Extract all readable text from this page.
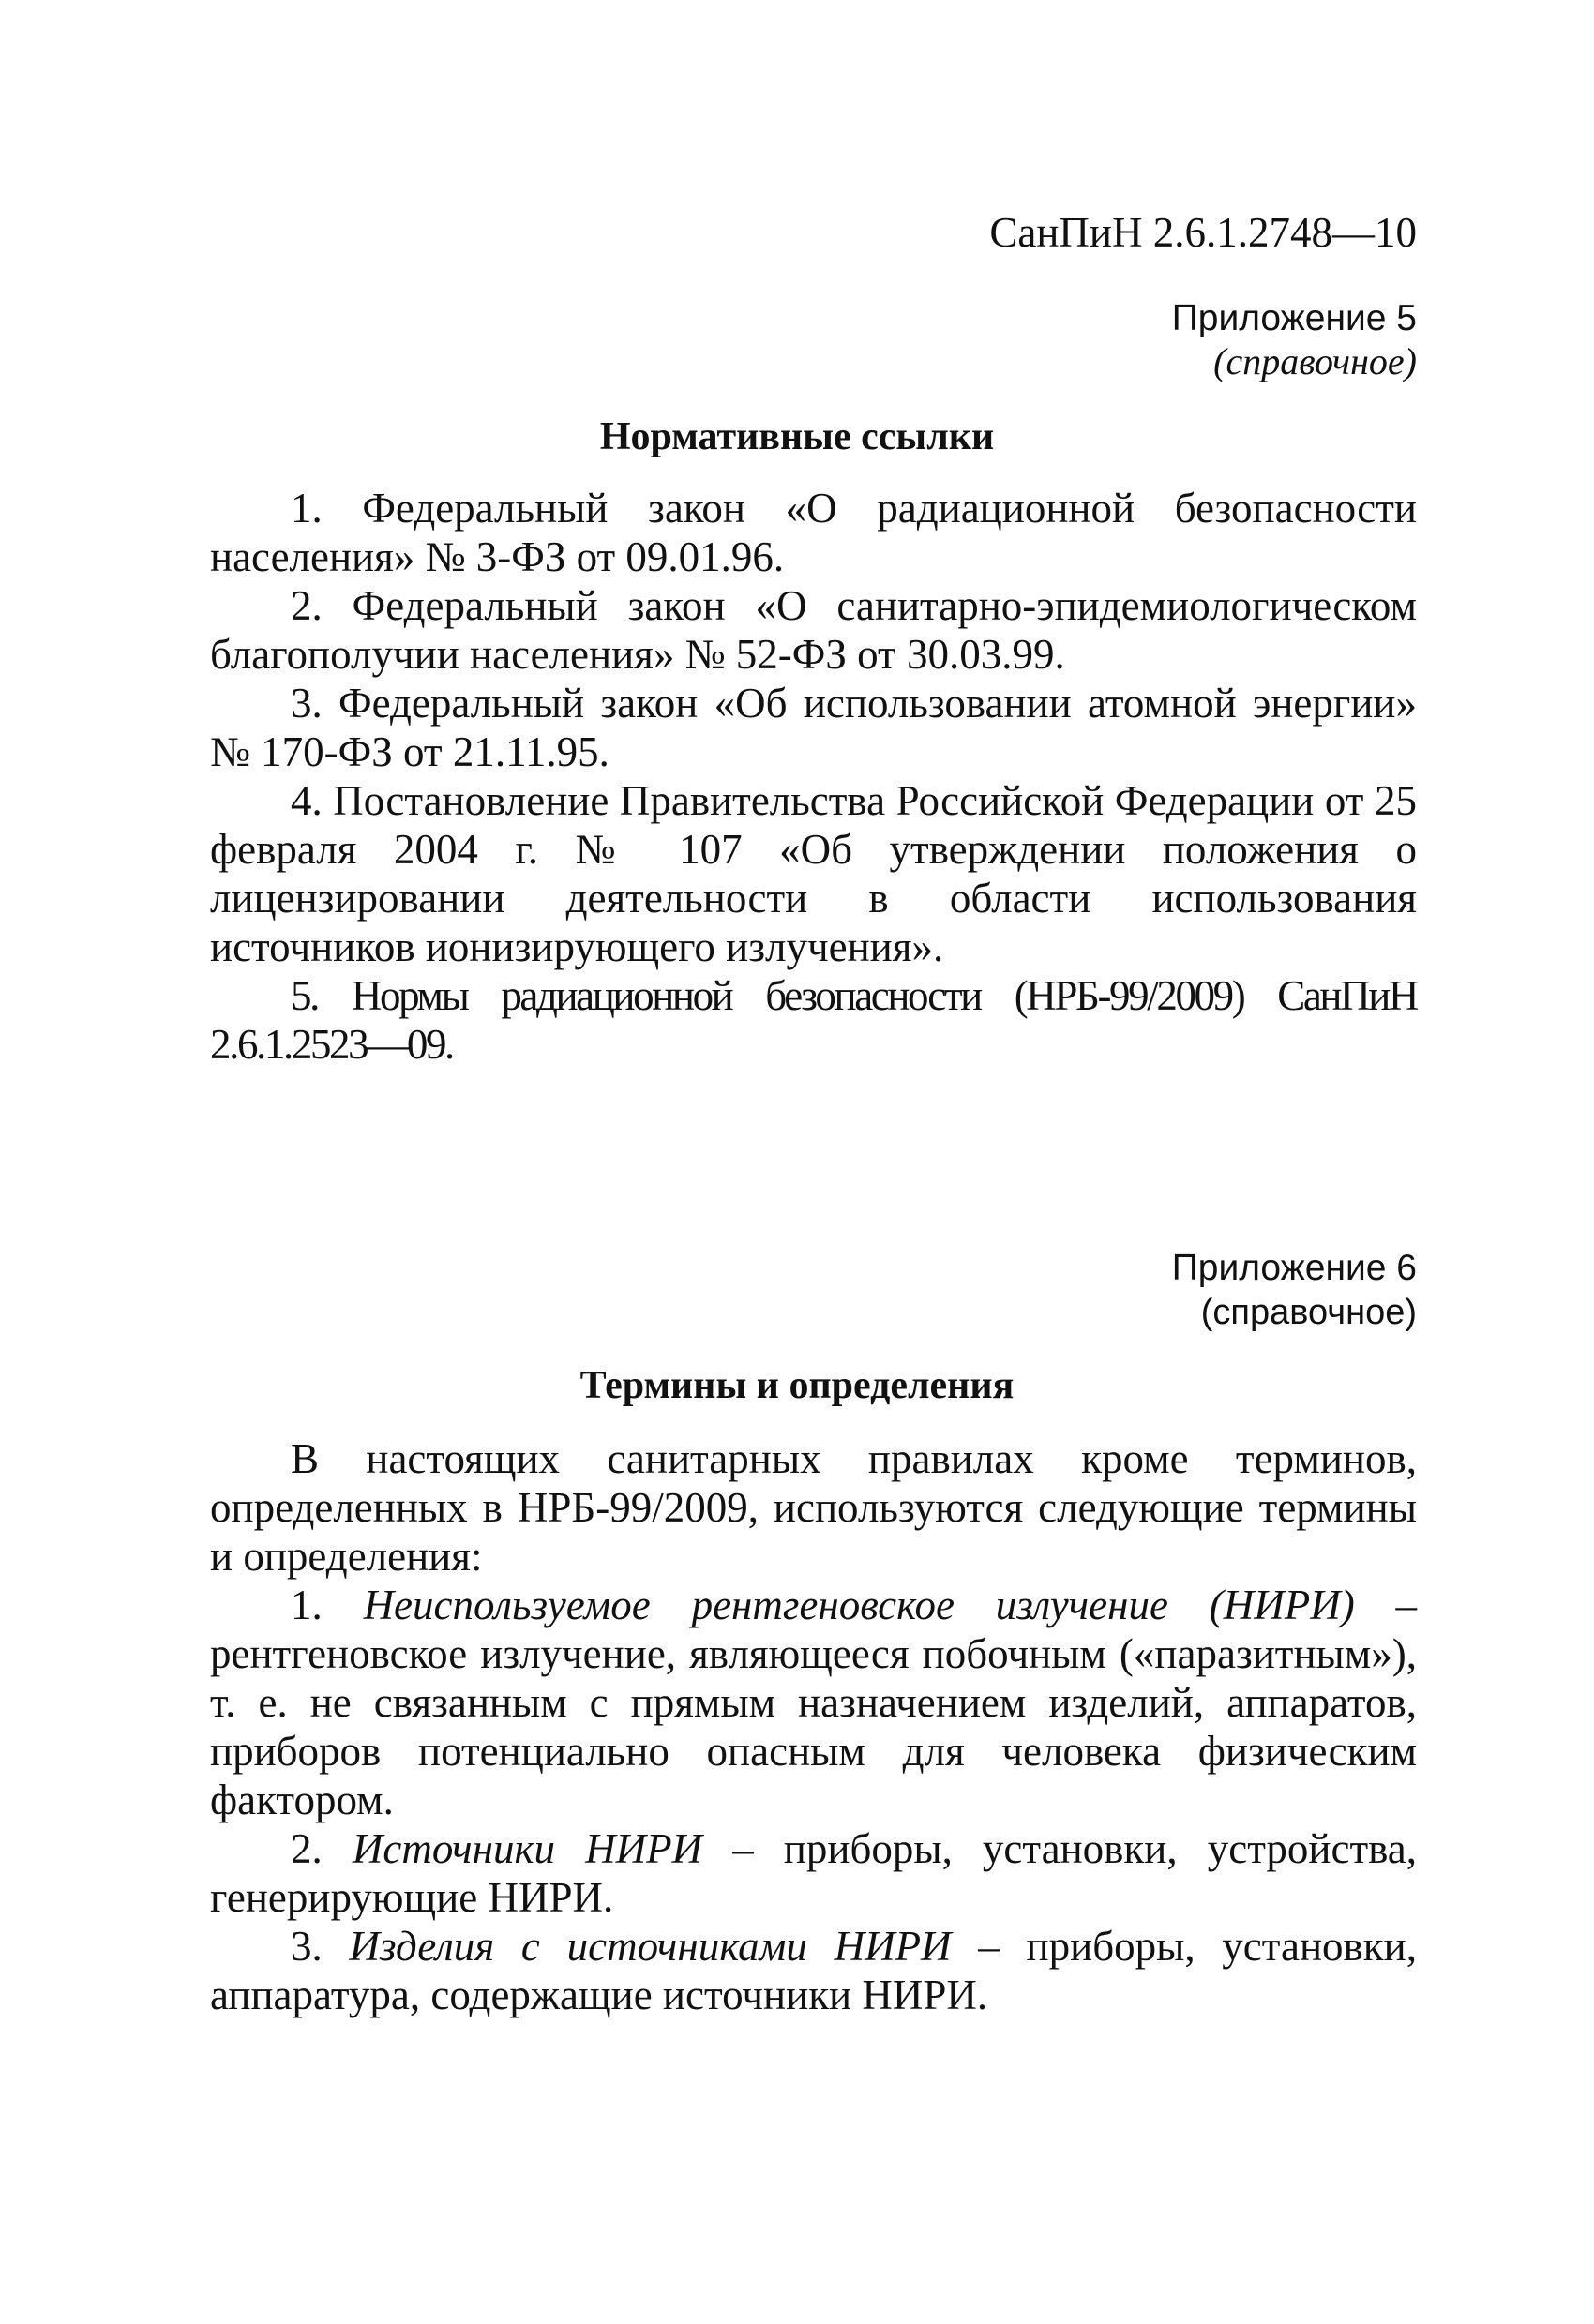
СанПиН 2.6.1.2748—10
Приложение 5
(справочное)
Нормативные ссылки

1. Федеральный закон «О радиационной безопасности населения» № 3-ФЗ от 09.01.96.

2. Федеральный закон «О санитарно-эпидемиологическом благополучии населения» № 52-ФЗ от 30.03.99.

3. Федеральный закон «Об использовании атомной энергии» № 170-ФЗ от 21.11.95.

4. Постановление Правительства Российской Федерации от 25 февраля 2004 г. № 107 «Об утверждении положения о лицензировании деятельности в области использования источников ионизирующего излучения».

5. Нормы радиационной безопасности (НРБ-99/2009) СанПиН 2.6.1.2523—09.

Приложение 6
(справочное)
Термины и определения

В настоящих санитарных правилах кроме терминов, определенных в НРБ-99/2009, используются следующие термины и определения:

1. Неиспользуемое рентгеновское излучение (НИРИ) – рентгеновское излучение, являющееся побочным («паразитным»), т. е. не связанным с прямым назначением изделий, аппаратов, приборов потенциально опасным для человека физическим фактором.

2. Источники НИРИ – приборы, установки, устройства, генерирующие НИРИ.

3. Изделия с источниками НИРИ – приборы, установки, аппаратура, содержащие источники НИРИ.
